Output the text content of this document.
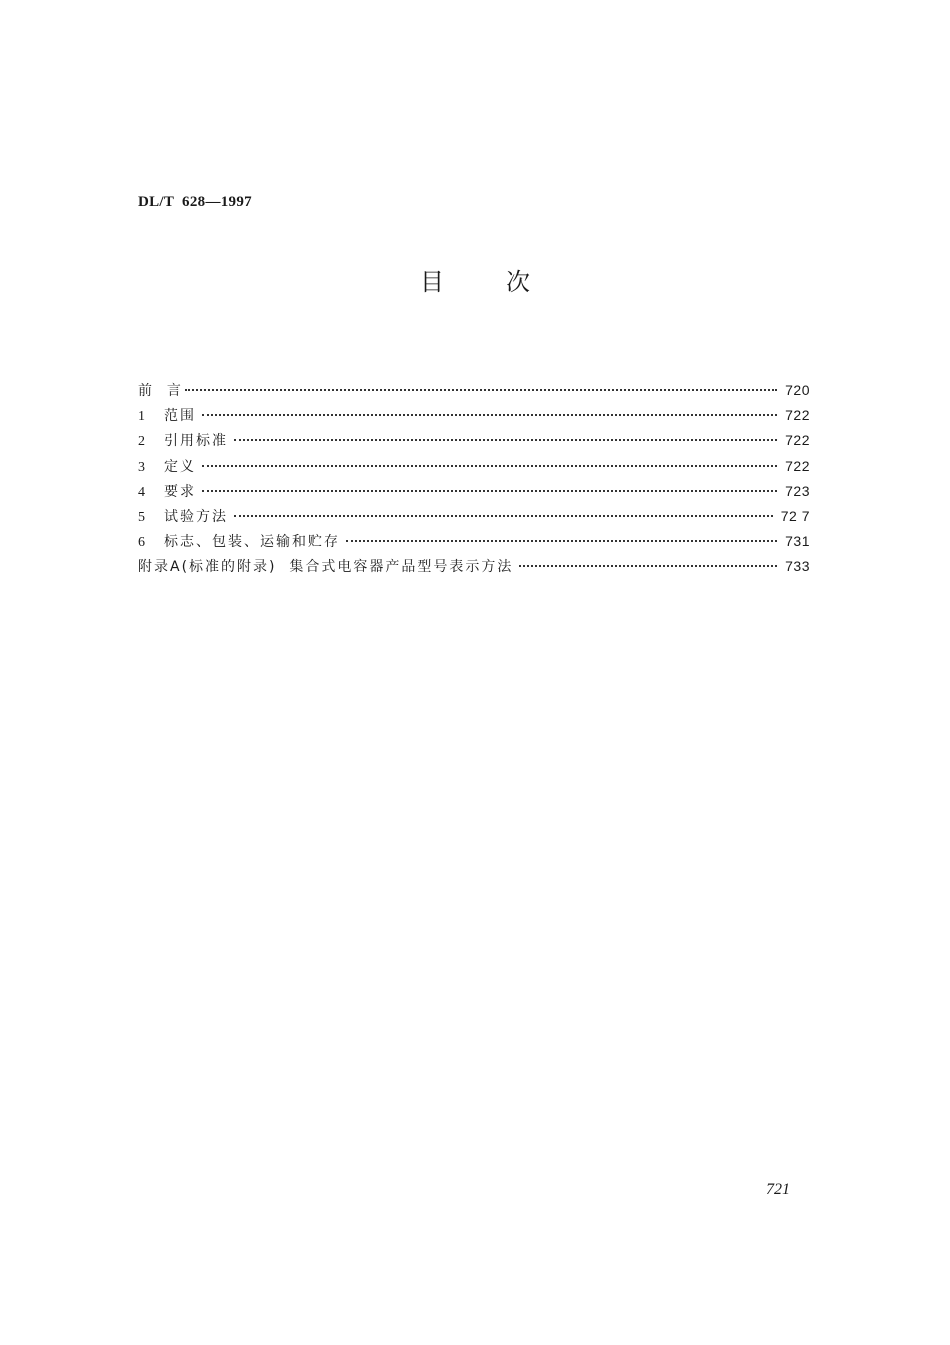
DL/T  628—1997
目次
前  言	720
1	范围	722
2	引用标准	722
3	定义	722
4	要求	723
5	试验方法	72 7
6	标志、包装、运输和贮存	731
附录A(标准的附录)  集合式电容器产品型号表示方法	733
721
